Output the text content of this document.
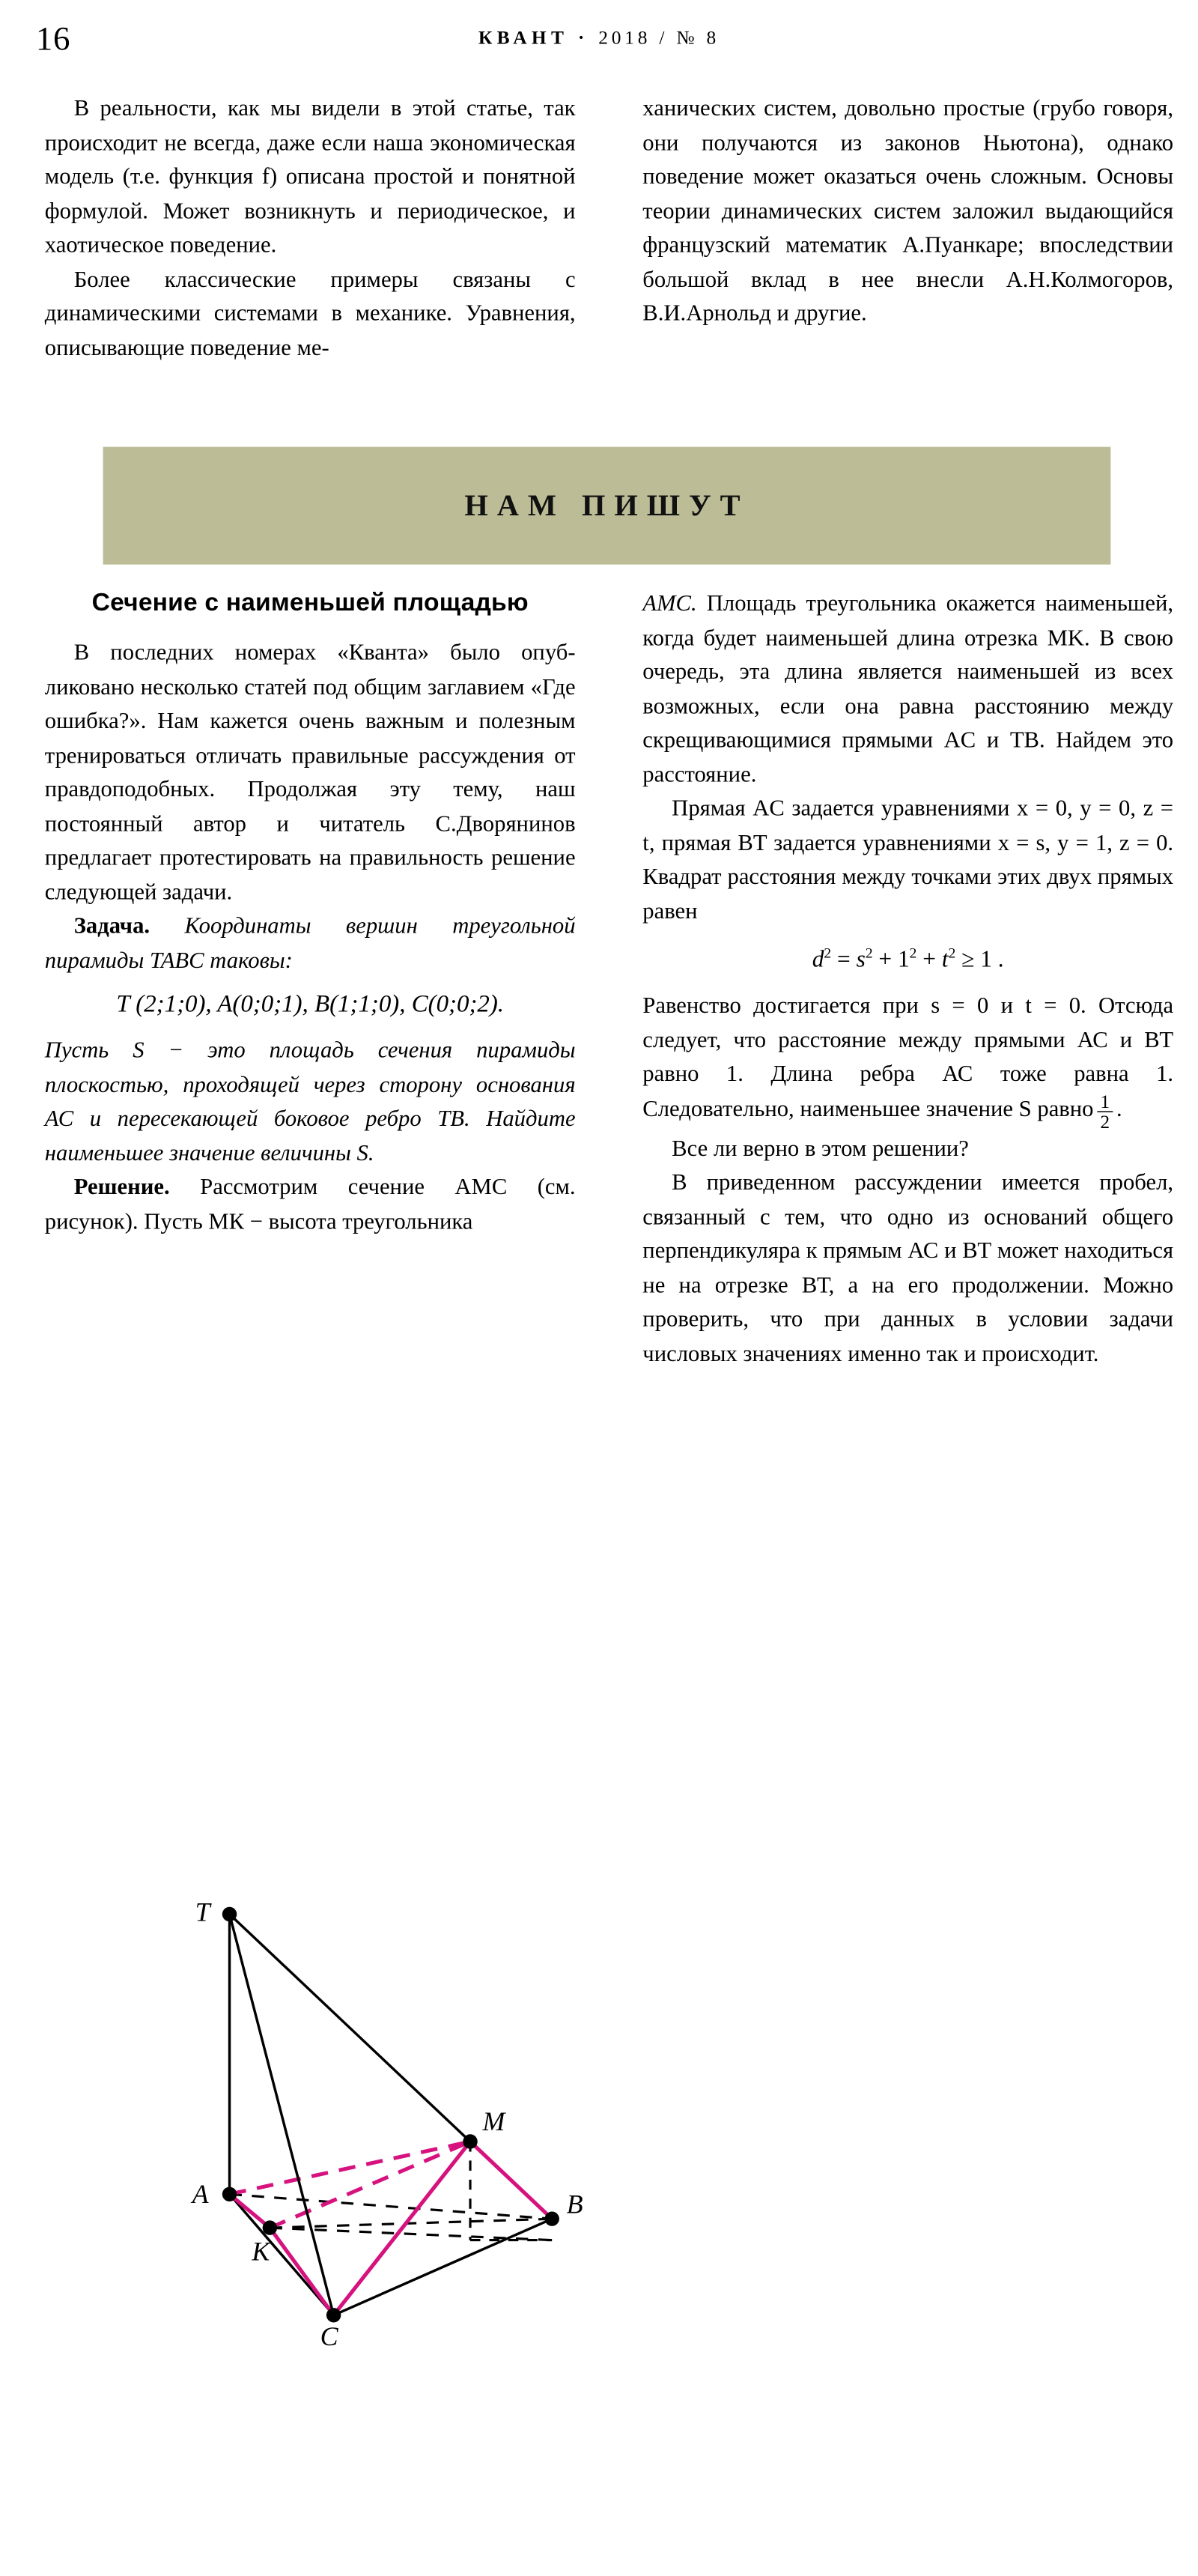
16	КВАНТ · 2018 / № 8

В реальности, как мы видели в этой статье, так происходит не всегда, даже если наша экономическая модель (т.е. функция f) описана простой и понятной формулой. Может возникнуть и периодическое, и хаотическое поведение.

Более классические примеры связаны с динамическими системами в механике. Уравнения, описывающие поведение ме-

ханических систем, довольно простые (грубо говоря, они получаются из законов Ньютона), однако поведение может оказаться очень сложным. Основы теории динамических систем заложил выдающийся французский математик А.Пуанкаре; впоследствии большой вклад в нее внесли А.Н.Колмогоров, В.И.Арнольд и другие.

НАМ ПИШУТ
Сечение с наименьшей площадью

В последних номерах «Кванта» было опубликовано несколько статей под общим заглавием «Где ошибка?». Нам кажется очень важным и полезным тренироваться отличать правильные рассуждения от правдоподобных. Продолжая эту тему, наш постоянный автор и читатель С.Дворянинов предлагает протестировать на правильность решение следующей задачи.

Задача. Координаты вершин треугольной пирамиды TABC таковы:

T (2;1;0), A(0;0;1), B(1;1;0), C(0;0;2).

Пусть S − это площадь сечения пирамиды плоскостью, проходящей через сторону основания АС и пересекающей боковое ребро ТВ. Найдите наименьшее значение величины S.

Решение. Рассмотрим сечение АМС (см. рисунок). Пусть МК − высота треугольника

T
A	B
C
M
K

АМС. Площадь треугольника окажется наименьшей, когда будет наименьшей длина отрезка MK. В свою очередь, эта длина является наименьшей из всех возможных, если она равна расстоянию между скрещивающимися прямыми AC и TB. Найдем это расстояние.

Прямая AC задается уравнениями x = 0, y = 0, z = t, прямая BT задается уравнениями x = s, y = 1, z = 0. Квадрат расстояния между точками этих двух прямых равен

$d^2 = s^2 + 1^2 + t^2 \ge 1$ .

Равенство достигается при s = 0 и t = 0. Отсюда следует, что расстояние между прямыми АС и ВТ равно 1. Длина ребра АС тоже равна 1. Следовательно, наименьшее значение S равно $\frac{1}{2}$ .

Все ли верно в этом решении?

В приведенном рассуждении имеется пробел, связанный с тем, что одно из оснований общего перпендикуляра к прямым АС и ВТ может находиться не на отрезке ВТ, а на его продолжении. Можно проверить, что при данных в условии задачи числовых значениях именно так и происходит.
